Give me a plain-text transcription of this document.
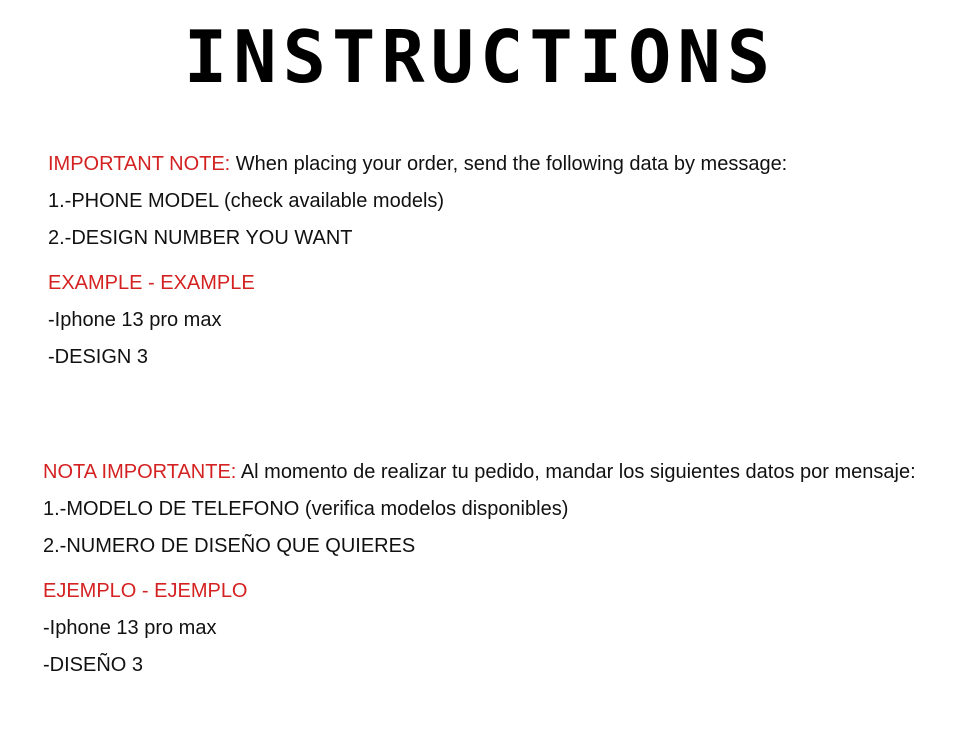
INSTRUCTIONS
IMPORTANT NOTE: When placing your order, send the following data by message:
1.-PHONE MODEL (check available models)
2.-DESIGN NUMBER YOU WANT
EXAMPLE - EXAMPLE
-Iphone 13 pro max
-DESIGN 3
NOTA IMPORTANTE: Al momento de realizar tu pedido, mandar los siguientes datos por mensaje:
1.-MODELO DE TELEFONO (verifica modelos disponibles)
2.-NUMERO DE DISEÑO QUE QUIERES
EJEMPLO - EJEMPLO
-Iphone 13 pro max
-DISEÑO 3
